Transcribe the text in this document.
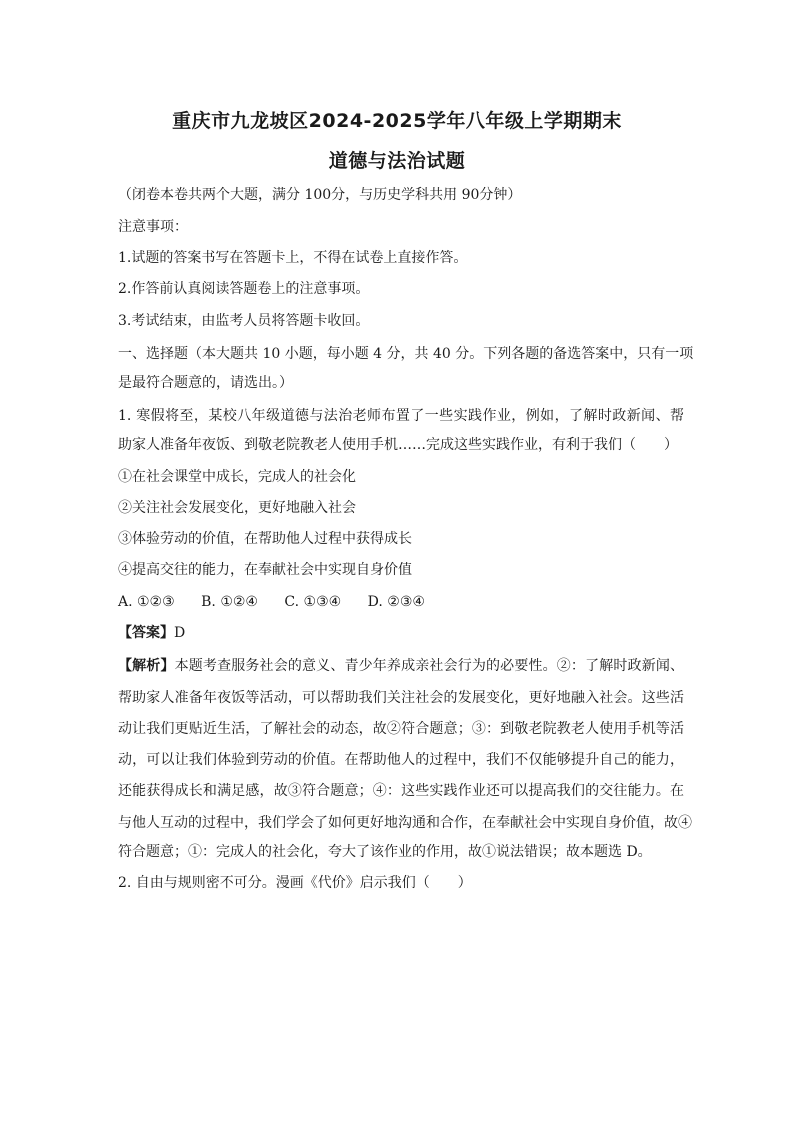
重庆市九龙坡区2024-2025学年八年级上学期期末
道德与法治试题
（闭卷本卷共两个大题，满分 100分，与历史学科共用 90分钟）
注意事项：
1.试题的答案书写在答题卡上，不得在试卷上直接作答。
2.作答前认真阅读答题卷上的注意事项。
3.考试结束，由监考人员将答题卡收回。
一、选择题（本大题共 10 小题，每小题 4 分，共 40 分。下列各题的备选答案中，只有一项
是最符合题意的，请选出。）
1. 寒假将至，某校八年级道德与法治老师布置了一些实践作业，例如，了解时政新闻、帮
助家人准备年夜饭、到敬老院教老人使用手机……完成这些实践作业，有利于我们（　　）
①在社会课堂中成长，完成人的社会化
②关注社会发展变化，更好地融入社会
③体验劳动的价值，在帮助他人过程中获得成长
④提高交往的能力，在奉献社会中实现自身价值
A. ①②③ B. ①②④ C. ①③④ D. ②③④
【答案】D
【解析】本题考查服务社会的意义、青少年养成亲社会行为的必要性。②：了解时政新闻、
帮助家人准备年夜饭等活动，可以帮助我们关注社会的发展变化，更好地融入社会。这些活
动让我们更贴近生活，了解社会的动态，故②符合题意；③：到敬老院教老人使用手机等活
动，可以让我们体验到劳动的价值。在帮助他人的过程中，我们不仅能够提升自己的能力，
还能获得成长和满足感，故③符合题意；④：这些实践作业还可以提高我们的交往能力。在
与他人互动的过程中，我们学会了如何更好地沟通和合作，在奉献社会中实现自身价值，故④
符合题意；①：完成人的社会化，夸大了该作业的作用，故①说法错误；故本题选 D。
2. 自由与规则密不可分。漫画《代价》启示我们（　　）
